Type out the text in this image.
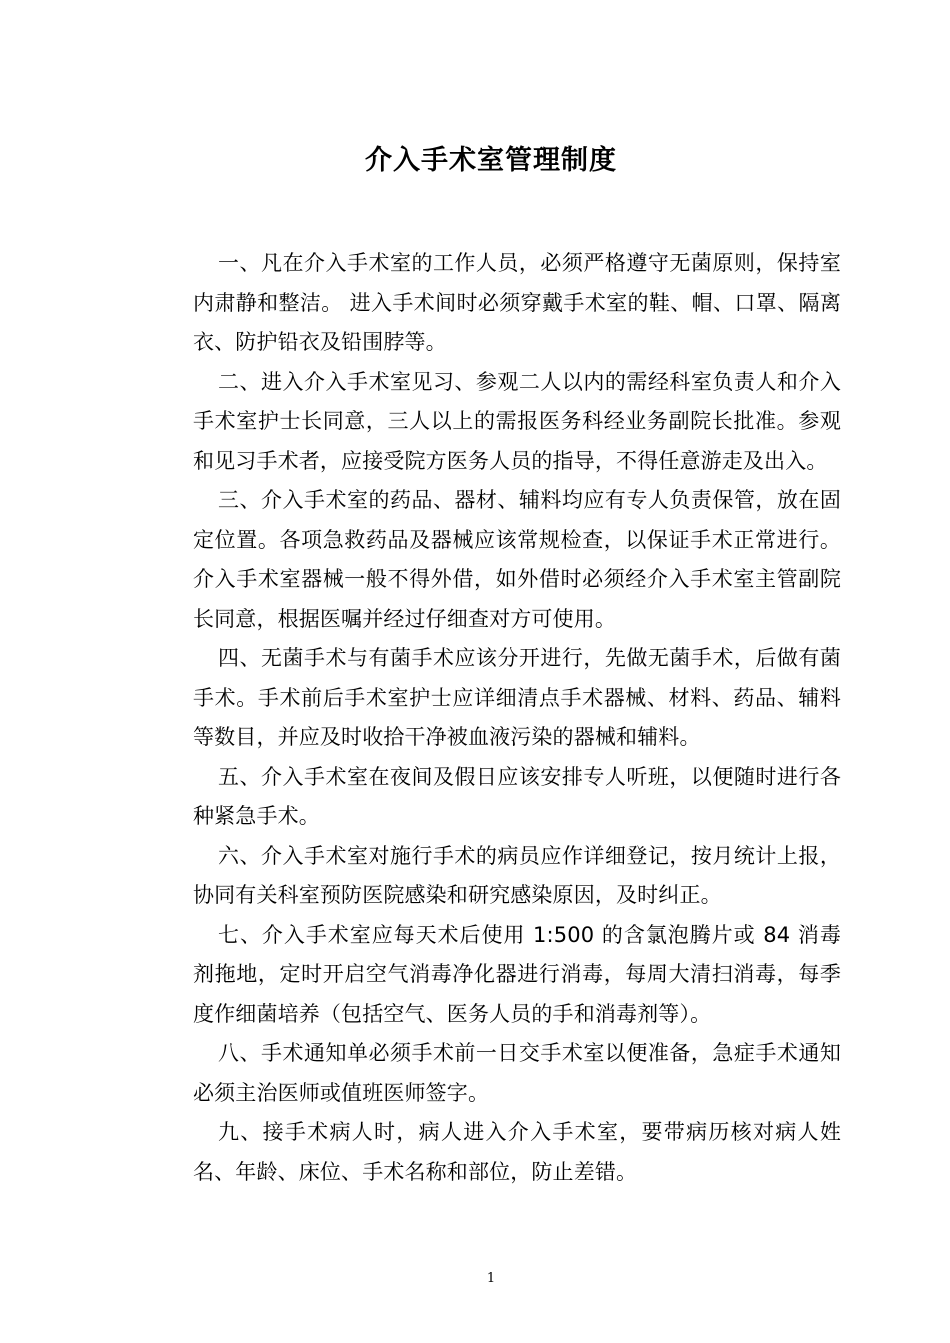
介入手术室管理制度

一、凡在介入手术室的工作人员，必须严格遵守无菌原则，保持室内肃静和整洁。 进入手术间时必须穿戴手术室的鞋、帽、口罩、隔离衣、防护铅衣及铅围脖等。

二、进入介入手术室见习、参观二人以内的需经科室负责人和介入手术室护士长同意，三人以上的需报医务科经业务副院长批准。参观和见习手术者，应接受院方医务人员的指导，不得任意游走及出入。

三、介入手术室的药品、器材、辅料均应有专人负责保管，放在固定位置。各项急救药品及器械应该常规检查，以保证手术正常进行。介入手术室器械一般不得外借，如外借时必须经介入手术室主管副院长同意，根据医嘱并经过仔细查对方可使用。

四、无菌手术与有菌手术应该分开进行，先做无菌手术，后做有菌手术。手术前后手术室护士应详细清点手术器械、材料、药品、辅料等数目，并应及时收拾干净被血液污染的器械和辅料。

五、介入手术室在夜间及假日应该安排专人听班，以便随时进行各种紧急手术。

六、介入手术室对施行手术的病员应作详细登记，按月统计上报，协同有关科室预防医院感染和研究感染原因，及时纠正。

七、介入手术室应每天术后使用 1:500 的含氯泡腾片或 84 消毒剂拖地，定时开启空气消毒净化器进行消毒，每周大清扫消毒，每季度作细菌培养（包括空气、医务人员的手和消毒剂等）。

八、手术通知单必须手术前一日交手术室以便准备，急症手术通知必须主治医师或值班医师签字。

九、接手术病人时，病人进入介入手术室，要带病历核对病人姓名、年龄、床位、手术名称和部位，防止差错。

1
